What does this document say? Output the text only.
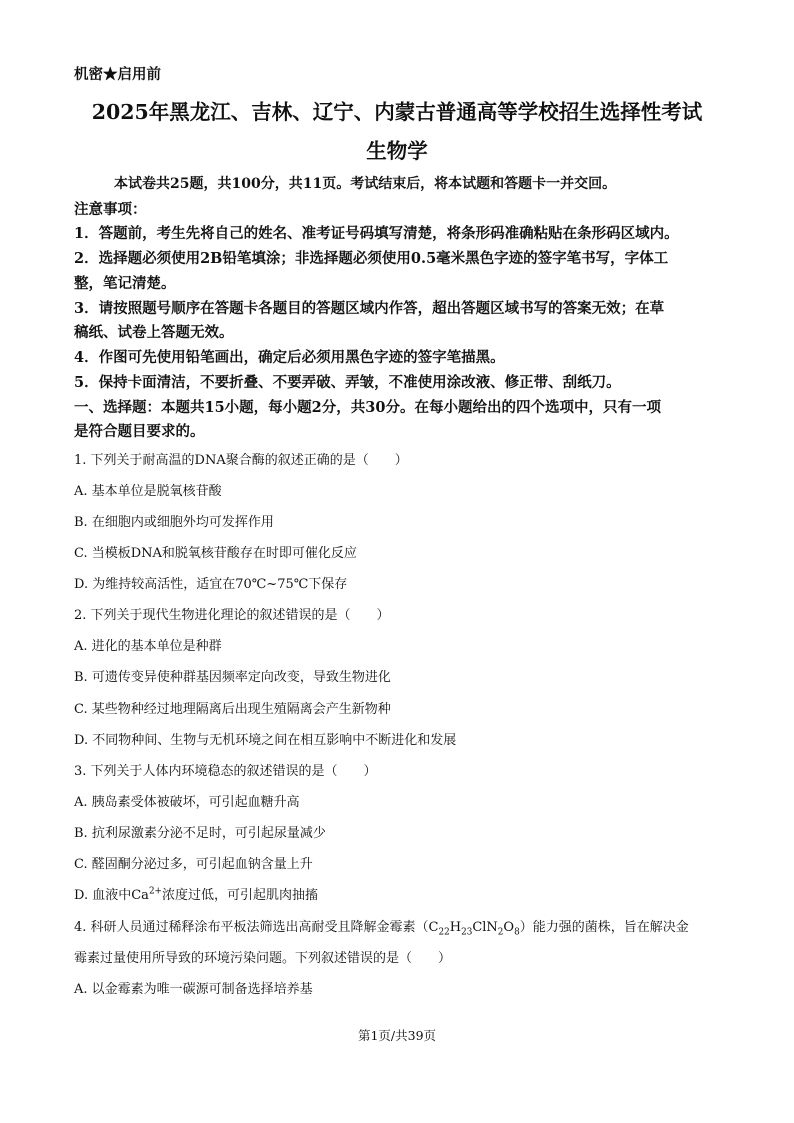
机密★启用前
2025年黑龙江、吉林、辽宁、内蒙古普通高等学校招生选择性考试
生物学
本试卷共25题，共100分，共11页。考试结束后，将本试题和答题卡一并交回。
注意事项：
1．答题前，考生先将自己的姓名、准考证号码填写清楚，将条形码准确粘贴在条形码区域内。
2．选择题必须使用2B铅笔填涂；非选择题必须使用0.5毫米黑色字迹的签字笔书写，字体工
整，笔记清楚。
3．请按照题号顺序在答题卡各题目的答题区域内作答，超出答题区域书写的答案无效；在草
稿纸、试卷上答题无效。
4．作图可先使用铅笔画出，确定后必须用黑色字迹的签字笔描黑。
5．保持卡面清洁，不要折叠、不要弄破、弄皱，不准使用涂改液、修正带、刮纸刀。
一、选择题：本题共15小题，每小题2分，共30分。在每小题给出的四个选项中，只有一项
是符合题目要求的。
1. 下列关于耐高温的DNA聚合酶的叙述正确的是（　　）
A. 基本单位是脱氧核苷酸
B. 在细胞内或细胞外均可发挥作用
C. 当模板DNA和脱氧核苷酸存在时即可催化反应
D. 为维持较高活性，适宜在70℃~75℃下保存
2. 下列关于现代生物进化理论的叙述错误的是（　　）
A. 进化的基本单位是种群
B. 可遗传变异使种群基因频率定向改变，导致生物进化
C. 某些物种经过地理隔离后出现生殖隔离会产生新物种
D. 不同物种间、生物与无机环境之间在相互影响中不断进化和发展
3. 下列关于人体内环境稳态的叙述错误的是（　　）
A. 胰岛素受体被破坏，可引起血糖升高
B. 抗利尿激素分泌不足时，可引起尿量减少
C. 醛固酮分泌过多，可引起血钠含量上升
D. 血液中$Ca^{2+}$浓度过低，可引起肌肉抽搐
4. 科研人员通过稀释涂布平板法筛选出高耐受且降解金霉素$(C_{22}H_{23}ClN_2O_8)$能力强的菌株，旨在解决金
霉素过量使用所导致的环境污染问题。下列叙述错误的是（　　）
A. 以金霉素为唯一碳源可制备选择培养基
第1页/共39页
